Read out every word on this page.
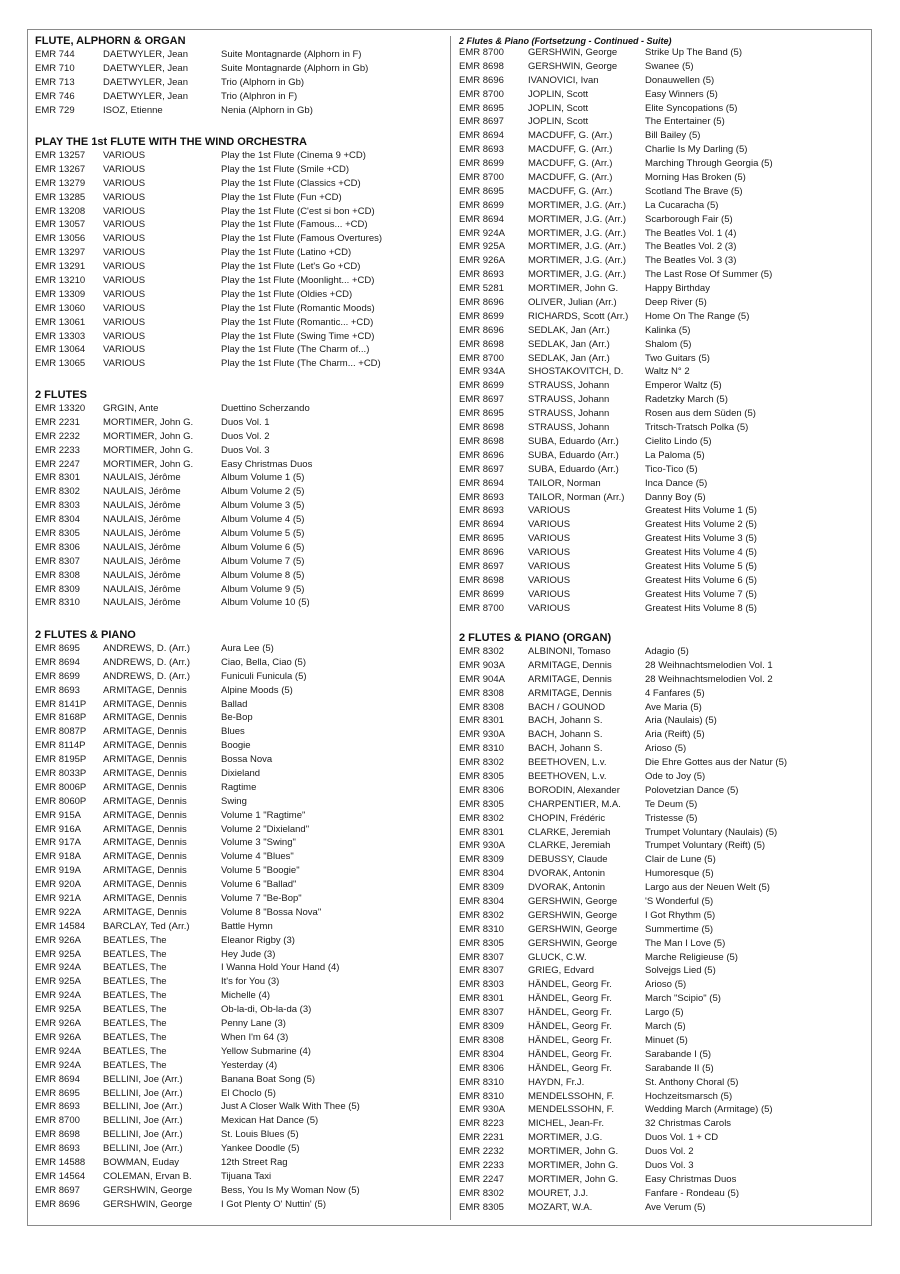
FLUTE, ALPHORN & ORGAN
EMR 744	DAETWYLER, Jean	Suite Montagnarde (Alphorn in F)
EMR 710	DAETWYLER, Jean	Suite Montagnarde (Alphorn in Gb)
EMR 713	DAETWYLER, Jean	Trio (Alphorn in Gb)
EMR 746	DAETWYLER, Jean	Trio (Alphron in F)
EMR 729	ISOZ, Etienne	Nenia (Alphorn in Gb)
PLAY THE 1st FLUTE WITH THE WIND ORCHESTRA
EMR 13257 VARIOUS	Play the 1st Flute (Cinema 9 +CD)
EMR 13267 VARIOUS	Play the 1st Flute (Smile +CD)
EMR 13279 VARIOUS	Play the 1st Flute (Classics +CD)
EMR 13285 VARIOUS	Play the 1st Flute (Fun +CD)
EMR 13208 VARIOUS	Play the 1st Flute (C'est si bon +CD)
EMR 13057 VARIOUS	Play the 1st Flute (Famous... +CD)
EMR 13056 VARIOUS	Play the 1st Flute (Famous Overtures)
EMR 13297 VARIOUS	Play the 1st Flute (Latino +CD)
EMR 13291 VARIOUS	Play the 1st Flute (Let's Go +CD)
EMR 13210 VARIOUS	Play the 1st Flute (Moonlight... +CD)
EMR 13309 VARIOUS	Play the 1st Flute (Oldies +CD)
EMR 13060 VARIOUS	Play the 1st Flute (Romantic Moods)
EMR 13061 VARIOUS	Play the 1st Flute (Romantic... +CD)
EMR 13303 VARIOUS	Play the 1st Flute (Swing Time +CD)
EMR 13064 VARIOUS	Play the 1st Flute (The Charm of...)
EMR 13065 VARIOUS	Play the 1st Flute (The Charm... +CD)
2 FLUTES
EMR 13320 GRGIN, Ante	Duettino Scherzando
EMR 2231 MORTIMER, John G.	Duos Vol. 1
EMR 2232 MORTIMER, John G.	Duos Vol. 2
EMR 2233 MORTIMER, John G.	Duos Vol. 3
EMR 2247 MORTIMER, John G.	Easy Christmas Duos
EMR 8301 NAULAIS, Jérôme	Album Volume 1 (5)
EMR 8302 NAULAIS, Jérôme	Album Volume 2 (5)
EMR 8303 NAULAIS, Jérôme	Album Volume 3 (5)
EMR 8304 NAULAIS, Jérôme	Album Volume 4 (5)
EMR 8305 NAULAIS, Jérôme	Album Volume 5 (5)
EMR 8306 NAULAIS, Jérôme	Album Volume 6 (5)
EMR 8307 NAULAIS, Jérôme	Album Volume 7 (5)
EMR 8308 NAULAIS, Jérôme	Album Volume 8 (5)
EMR 8309 NAULAIS, Jérôme	Album Volume 9 (5)
EMR 8310 NAULAIS, Jérôme	Album Volume 10 (5)
2 FLUTES & PIANO
EMR 8695 ANDREWS, D. (Arr.)	Aura Lee (5)
EMR 8694 ANDREWS, D. (Arr.)	Ciao, Bella, Ciao (5)
EMR 8699 ANDREWS, D. (Arr.)	Funiculi Funicula (5)
EMR 8693 ARMITAGE, Dennis	Alpine Moods (5)
EMR 8141P ARMITAGE, Dennis	Ballad
EMR 8168P ARMITAGE, Dennis	Be-Bop
EMR 8087P ARMITAGE, Dennis	Blues
EMR 8114P ARMITAGE, Dennis	Boogie
EMR 8195P ARMITAGE, Dennis	Bossa Nova
EMR 8033P ARMITAGE, Dennis	Dixieland
EMR 8006P ARMITAGE, Dennis	Ragtime
EMR 8060P ARMITAGE, Dennis	Swing
EMR 915A ARMITAGE, Dennis	Volume 1 "Ragtime"
EMR 916A ARMITAGE, Dennis	Volume 2 "Dixieland"
EMR 917A ARMITAGE, Dennis	Volume 3 "Swing"
EMR 918A ARMITAGE, Dennis	Volume 4 "Blues"
EMR 919A ARMITAGE, Dennis	Volume 5 "Boogie"
EMR 920A ARMITAGE, Dennis	Volume 6 "Ballad"
EMR 921A ARMITAGE, Dennis	Volume 7 "Be-Bop"
EMR 922A ARMITAGE, Dennis	Volume 8 "Bossa Nova"
EMR 14584 BARCLAY, Ted (Arr.)	Battle Hymn
EMR 926A BEATLES, The	Eleanor Rigby (3)
EMR 925A BEATLES, The	Hey Jude (3)
EMR 924A BEATLES, The	I Wanna Hold Your Hand (4)
EMR 925A BEATLES, The	It's for You (3)
EMR 924A BEATLES, The	Michelle (4)
EMR 925A BEATLES, The	Ob-la-di, Ob-la-da (3)
EMR 926A BEATLES, The	Penny Lane (3)
EMR 926A BEATLES, The	When I'm 64 (3)
EMR 924A BEATLES, The	Yellow Submarine (4)
EMR 924A BEATLES, The	Yesterday (4)
EMR 8694 BELLINI, Joe (Arr.)	Banana Boat Song (5)
EMR 8695 BELLINI, Joe (Arr.)	El Choclo (5)
EMR 8693 BELLINI, Joe (Arr.)	Just A Closer Walk With Thee (5)
EMR 8700 BELLINI, Joe (Arr.)	Mexican Hat Dance (5)
EMR 8698 BELLINI, Joe (Arr.)	St. Louis Blues (5)
EMR 8693 BELLINI, Joe (Arr.)	Yankee Doodle (5)
EMR 14588 BOWMAN, Euday	12th Street Rag
EMR 14564 COLEMAN, Ervan B.	Tijuana Taxi
EMR 8697 GERSHWIN, George	Bess, You Is My Woman Now (5)
EMR 8696 GERSHWIN, George	I Got Plenty O' Nuttin' (5)
2 Flutes & Piano (Fortsetzung - Continued - Suite)
EMR 8700	GERSHWIN, George	Strike Up The Band (5)
EMR 8698	GERSHWIN, George	Swanee (5)
EMR 8696	IVANOVICI, Ivan	Donauwellen (5)
EMR 8700	JOPLIN, Scott	Easy Winners (5)
EMR 8695	JOPLIN, Scott	Elite Syncopations (5)
EMR 8697	JOPLIN, Scott	The Entertainer (5)
EMR 8694	MACDUFF, G. (Arr.)	Bill Bailey (5)
EMR 8693	MACDUFF, G. (Arr.)	Charlie Is My Darling (5)
EMR 8699	MACDUFF, G. (Arr.)	Marching Through Georgia (5)
EMR 8700	MACDUFF, G. (Arr.)	Morning Has Broken (5)
EMR 8695	MACDUFF, G. (Arr.)	Scotland The Brave (5)
EMR 8699	MORTIMER, J.G. (Arr.) La Cucaracha (5)
EMR 8694	MORTIMER, J.G. (Arr.) Scarborough Fair (5)
EMR 924A MORTIMER, J.G. (Arr.) The Beatles Vol. 1 (4)
EMR 925A MORTIMER, J.G. (Arr.) The Beatles Vol. 2 (3)
EMR 926A MORTIMER, J.G. (Arr.) The Beatles Vol. 3 (3)
EMR 8693	MORTIMER, J.G. (Arr.) The Last Rose Of Summer (5)
EMR 5281	MORTIMER, John G.	Happy Birthday
EMR 8696	OLIVER, Julian (Arr.)	Deep River (5)
EMR 8699	RICHARDS, Scott (Arr.) Home On The Range (5)
EMR 8696	SEDLAK, Jan (Arr.)	Kalinka (5)
EMR 8698	SEDLAK, Jan (Arr.)	Shalom (5)
EMR 8700	SEDLAK, Jan (Arr.)	Two Guitars (5)
EMR 934A SHOSTAKOVITCH, D. Waltz N° 2
EMR 8699	STRAUSS, Johann	Emperor Waltz (5)
EMR 8697	STRAUSS, Johann	Radetzky March (5)
EMR 8695	STRAUSS, Johann	Rosen aus dem Süden (5)
EMR 8698	STRAUSS, Johann	Tritsch-Tratsch Polka (5)
EMR 8698	SUBA, Eduardo (Arr.)	Cielito Lindo (5)
EMR 8696	SUBA, Eduardo (Arr.)	La Paloma (5)
EMR 8697	SUBA, Eduardo (Arr.)	Tico-Tico (5)
EMR 8694	TAILOR, Norman	Inca Dance (5)
EMR 8693	TAILOR, Norman (Arr.) Danny Boy (5)
EMR 8693	VARIOUS	Greatest Hits Volume 1 (5)
EMR 8694	VARIOUS	Greatest Hits Volume 2 (5)
EMR 8695	VARIOUS	Greatest Hits Volume 3 (5)
EMR 8696	VARIOUS	Greatest Hits Volume 4 (5)
EMR 8697	VARIOUS	Greatest Hits Volume 5 (5)
EMR 8698	VARIOUS	Greatest Hits Volume 6 (5)
EMR 8699	VARIOUS	Greatest Hits Volume 7 (5)
EMR 8700	VARIOUS	Greatest Hits Volume 8 (5)
2 FLUTES & PIANO (ORGAN)
EMR 8302	ALBINONI, Tomaso	Adagio (5)
EMR 903A ARMITAGE, Dennis	28 Weihnachtsmelodien Vol. 1
EMR 904A ARMITAGE, Dennis	28 Weihnachtsmelodien Vol. 2
EMR 8308	ARMITAGE, Dennis	4 Fanfares (5)
EMR 8308	BACH / GOUNOD	Ave Maria (5)
EMR 8301	BACH, Johann S.	Aria (Naulais) (5)
EMR 930A BACH, Johann S.	Aria (Reift) (5)
EMR 8310	BACH, Johann S.	Arioso (5)
EMR 8302	BEETHOVEN, L.v.	Die Ehre Gottes aus der Natur (5)
EMR 8305	BEETHOVEN, L.v.	Ode to Joy (5)
EMR 8306	BORODIN, Alexander	Polovetzian Dance (5)
EMR 8305	CHARPENTIER, M.A.	Te Deum (5)
EMR 8302	CHOPIN, Frédéric	Tristesse (5)
EMR 8301	CLARKE, Jeremiah	Trumpet Voluntary (Naulais) (5)
EMR 930A CLARKE, Jeremiah	Trumpet Voluntary (Reift) (5)
EMR 8309	DEBUSSY, Claude	Clair de Lune (5)
EMR 8304	DVORAK, Antonin	Humoresque (5)
EMR 8309	DVORAK, Antonin	Largo aus der Neuen Welt (5)
EMR 8304	GERSHWIN, George	'S Wonderful (5)
EMR 8302	GERSHWIN, George	I Got Rhythm (5)
EMR 8310	GERSHWIN, George	Summertime (5)
EMR 8305	GERSHWIN, George	The Man I Love (5)
EMR 8307	GLUCK, C.W.	Marche Religieuse (5)
EMR 8307	GRIEG, Edvard	Solvejgs Lied (5)
EMR 8303	HÄNDEL, Georg Fr.	Arioso (5)
EMR 8301	HÄNDEL, Georg Fr.	March "Scipio" (5)
EMR 8307	HÄNDEL, Georg Fr.	Largo (5)
EMR 8309	HÄNDEL, Georg Fr.	March (5)
EMR 8308	HÄNDEL, Georg Fr.	Minuet (5)
EMR 8304	HÄNDEL, Georg Fr.	Sarabande I (5)
EMR 8306	HÄNDEL, Georg Fr.	Sarabande II (5)
EMR 8310	HAYDN, Fr.J.	St. Anthony Choral (5)
EMR 8310	MENDELSSOHN, F.	Hochzeitsmarsch (5)
EMR 930A MENDELSSOHN, F.	Wedding March (Armitage) (5)
EMR 8223	MICHEL, Jean-Fr.	32 Christmas Carols
EMR 2231	MORTIMER, J.G.	Duos Vol. 1 + CD
EMR 2232	MORTIMER, John G.	Duos Vol. 2
EMR 2233	MORTIMER, John G.	Duos Vol. 3
EMR 2247	MORTIMER, John G.	Easy Christmas Duos
EMR 8302	MOURET, J.J.	Fanfare - Rondeau (5)
EMR 8305	MOZART, W.A.	Ave Verum (5)
